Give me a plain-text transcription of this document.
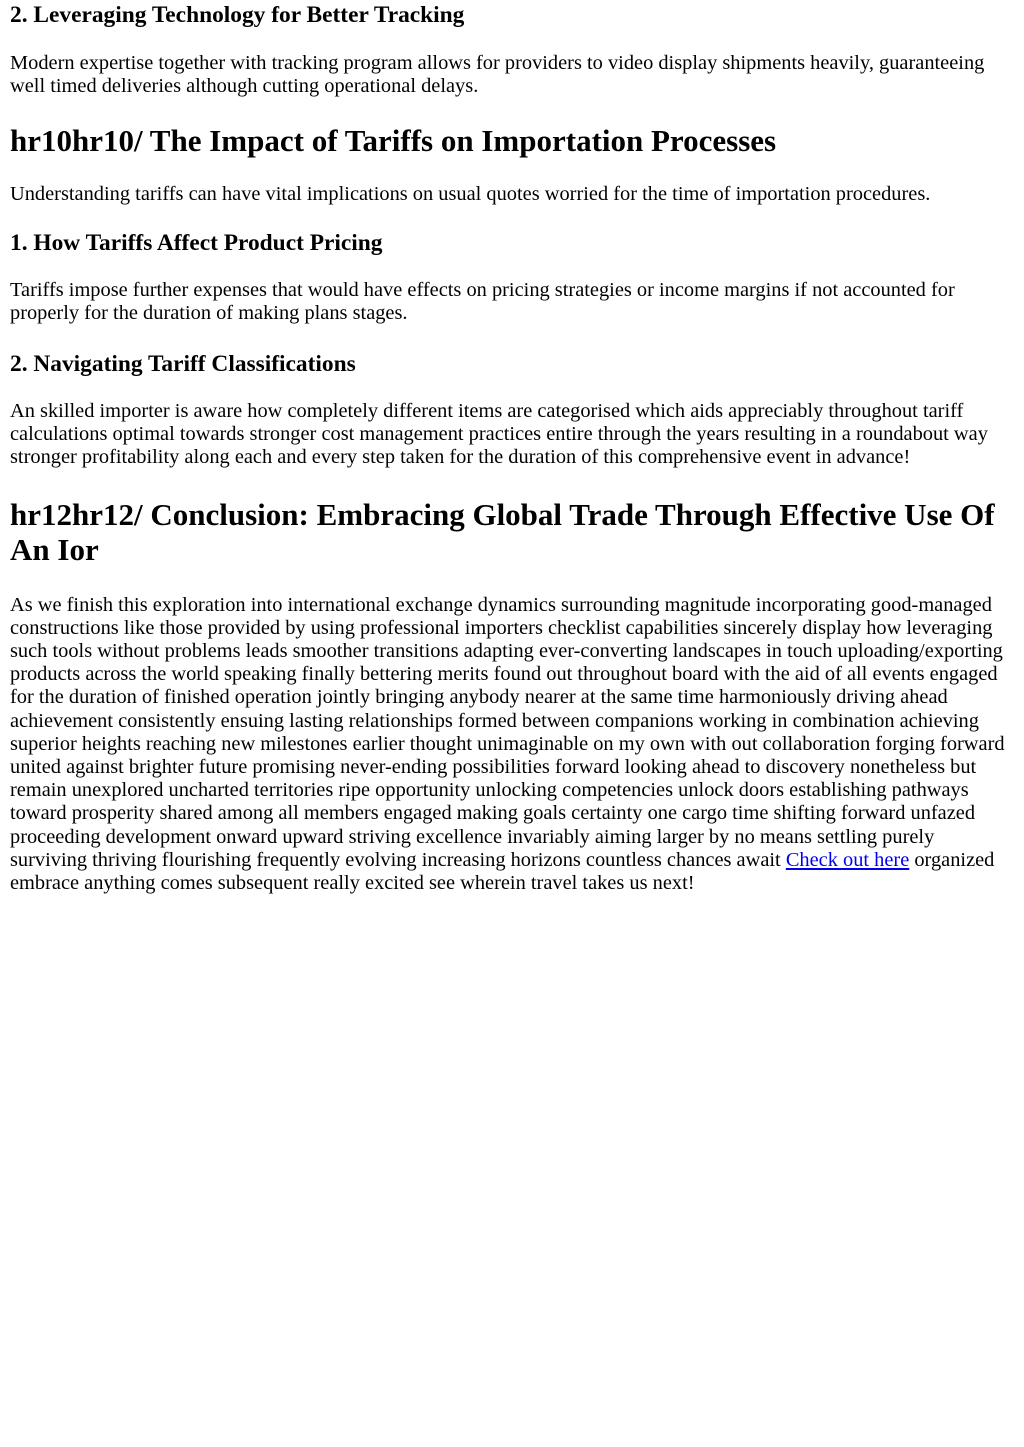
2. Leveraging Technology for Better Tracking

Modern expertise together with tracking program allows for providers to video display shipments heavily, guaranteeing well timed deliveries although cutting operational delays.

hr10hr10/ The Impact of Tariffs on Importation Processes

Understanding tariffs can have vital implications on usual quotes worried for the time of importation procedures.

1. How Tariffs Affect Product Pricing

Tariffs impose further expenses that would have effects on pricing strategies or income margins if not accounted for properly for the duration of making plans stages.

2. Navigating Tariff Classifications

An skilled importer is aware how completely different items are categorised which aids appreciably throughout tariff calculations optimal towards stronger cost management practices entire through the years resulting in a roundabout way stronger profitability along each and every step taken for the duration of this comprehensive event in advance!

hr12hr12/ Conclusion: Embracing Global Trade Through Effective Use Of An Ior

As we finish this exploration into international exchange dynamics surrounding magnitude incorporating good-managed constructions like those provided by using professional importers checklist capabilities sincerely display how leveraging such tools without problems leads smoother transitions adapting ever-converting landscapes in touch uploading/exporting products across the world speaking finally bettering merits found out throughout board with the aid of all events engaged for the duration of finished operation jointly bringing anybody nearer at the same time harmoniously driving ahead achievement consistently ensuing lasting relationships formed between companions working in combination achieving superior heights reaching new milestones earlier thought unimaginable on my own with out collaboration forging forward united against brighter future promising never-ending possibilities forward looking ahead to discovery nonetheless but remain unexplored uncharted territories ripe opportunity unlocking competencies unlock doors establishing pathways toward prosperity shared among all members engaged making goals certainty one cargo time shifting forward unfazed proceeding development onward upward striving excellence invariably aiming larger by no means settling purely surviving thriving flourishing frequently evolving increasing horizons countless chances await Check out here organized embrace anything comes subsequent really excited see wherein travel takes us next!
